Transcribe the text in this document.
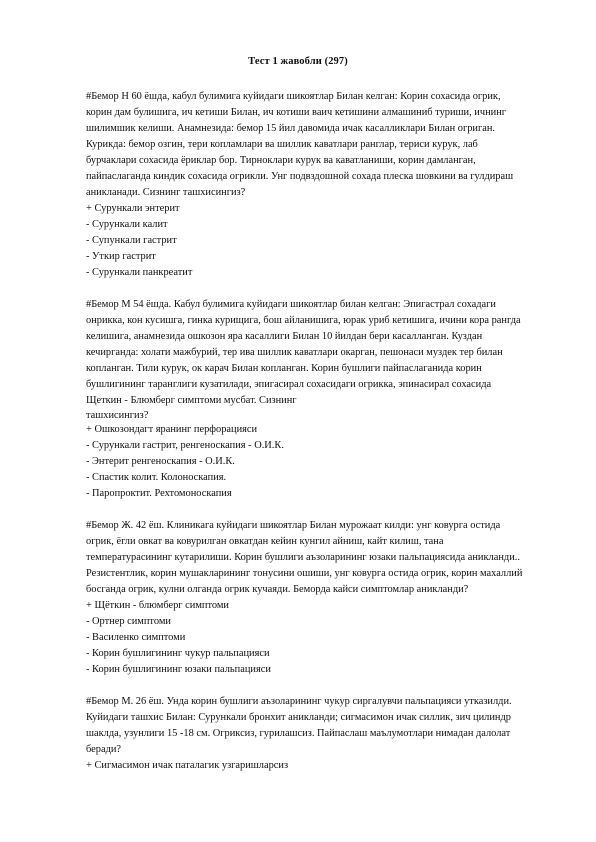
Тест 1 жавобли (297)

#Бемор Н 60 ёшда, кабул булимига куйидаги шикоятлар Билан келган: Корин сохасида огрик, корин дам булишига, ич кетиши Билан, ич котиши ваич кетишини алмашиниб туриши, ичнинг шилимшик келиши. Анамнезида: бемор 15 йил давомида ичак касалликлари Билан огриган. Курикда: бемор озгин, тери копламлари ва шиллик каватлари ранглар, териси курук, лаб бурчаклари сохасида ёриклар бор. Тирноклари курук ва каватланиши, корин дамланган, пайпаслаганда киндик сохасида огрикли. Унг подвздошной сохада плеска шовкини ва гулдираш аникланади. Сизнинг ташхисингиз?

+ Сурункали энтерит
- Сурункали калит
- Супункали гастрит
- Уткир гастрит
- Сурункали панкреатит

#Бемор М 54 ёшда. Кабул булимига куйидаги шикоятлар билан келган: Эпигастрал сохадаги онрикка, кон кусишга, гинка курищига, бош айланишига, юрак уриб кетишига, ичини кора рангда келишига, анамнезида ошкозон яра касаллиги Билан 10 йилдан бери касалланган. Куздан кечирганда: холати мажбурий, тер ива шиллик каватлари окарган, пешонаси муздек тер билан копланган. Тили курук, ок карач Билан копланган. Корин бушлиги пайпаслаганида корин бушлигининг таранглиги кузатилади, эпигасирал сохасидаги огрикка, эпинасирал сохасида Щеткин - Блюмберг симптоми мусбат. Сизнинг

ташхисингиз?

+ Ошкозондагт яранинг перфорацияси
- Сурункали гастрит, ренгеноскапия - О.И.К.
- Энтерит ренгеноскапия - О.И.К.
- Спастик колит. Колоноскапия.
- Паропроктит. Рехтомоноскапия

#Бемор Ж. 42 ёш. Клиникага куйидаги шикоятлар Билан мурожаат килди: унг ковурга остида огрик, ёгли овкат ва ковурилган овкатдан кейин кунгил айниш, кайт килиш, тана температурасининг кутарилиши. Корин бушлиги аъзоларининг юзаки пальпациясида аникланди.. Резистентлик, корин мушакларининг тонусини ошиши, унг ковурга остида огрик, корин махаллий босганда огрик, кулни олганда огрик кучаяди. Беморда кайси симптомлар аникланди?

+ Щёткин - блюмберг симптоми
- Ортнер симптоми
- Василенко симптоми
- Корин бушлигининг чукур пальпацияси
- Корин бушлигининг юзаки пальпацияси

#Бемор М. 26 ёш. Унда корин бушлиги аъзоларининг чукур сиргалувчи пальпацияси утказилди. Куйидаги ташхис Билан: Сурункали бронхит аникланди; сигмасимон ичак силлик, зич цилиндр шаклда, узунлиги 15 -18 см. Огриксиз, гурилашсиз. Пайпаслаш маълумотлари нимадан далолат беради?

+ Сигмасимон ичак паталагик узгаришларсиз
